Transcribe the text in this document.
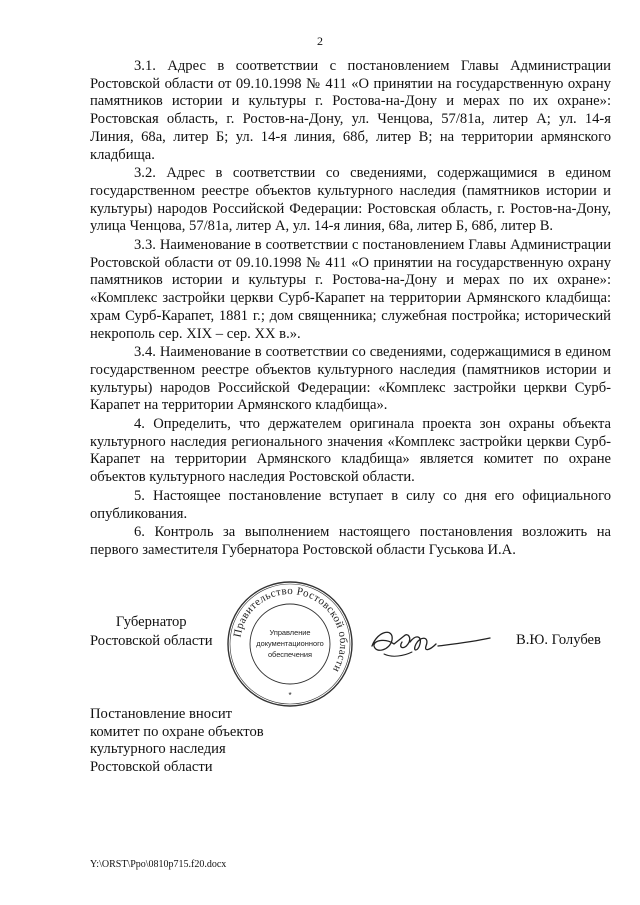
2

3.1. Адрес в соответствии с постановлением Главы Администрации Ростовской области от 09.10.1998 № 411 «О принятии на государственную охрану памятников истории и культуры г. Ростова-на-Дону и мерах по их охране»: Ростовская область, г. Ростов-на-Дону, ул. Ченцова, 57/81а, литер А; ул. 14-я Линия, 68а, литер Б; ул. 14-я линия, 68б, литер В; на территории армянского кладбища.

3.2. Адрес в соответствии со сведениями, содержащимися в едином государственном реестре объектов культурного наследия (памятников истории и культуры) народов Российской Федерации: Ростовская область, г. Ростов-на-Дону, улица Ченцова, 57/81а, литер А, ул. 14-я линия, 68а, литер Б, 68б, литер В.

3.3. Наименование в соответствии с постановлением Главы Администрации Ростовской области от 09.10.1998 № 411 «О принятии на государственную охрану памятников истории и культуры г. Ростова-на-Дону и мерах по их охране»: «Комплекс застройки церкви Сурб-Карапет на территории Армянского кладбища: храм Сурб-Карапет, 1881 г.; дом священника; служебная постройка; исторический некрополь сер. XIX – сер. XX в.».

3.4. Наименование в соответствии со сведениями, содержащимися в едином государственном реестре объектов культурного наследия (памятников истории и культуры) народов Российской Федерации: «Комплекс застройки церкви Сурб-Карапет на территории Армянского кладбища».

4. Определить, что держателем оригинала проекта зон охраны объекта культурного наследия регионального значения «Комплекс застройки церкви Сурб-Карапет на территории Армянского кладбища» является комитет по охране объектов культурного наследия Ростовской области.

5. Настоящее постановление вступает в силу со дня его официального опубликования.

6. Контроль за выполнением настоящего постановления возложить на первого заместителя Губернатора Ростовской области Гуськова И.А.

Губернатор
Ростовской области Правительство Ростовской области
Управление
документационного
обеспечения
*
В.Ю. Голубев
Постановление вносит
комитет по охране объектов
культурного наследия
Ростовской области
Y:\ORST\Ppo\0810p715.f20.docx
